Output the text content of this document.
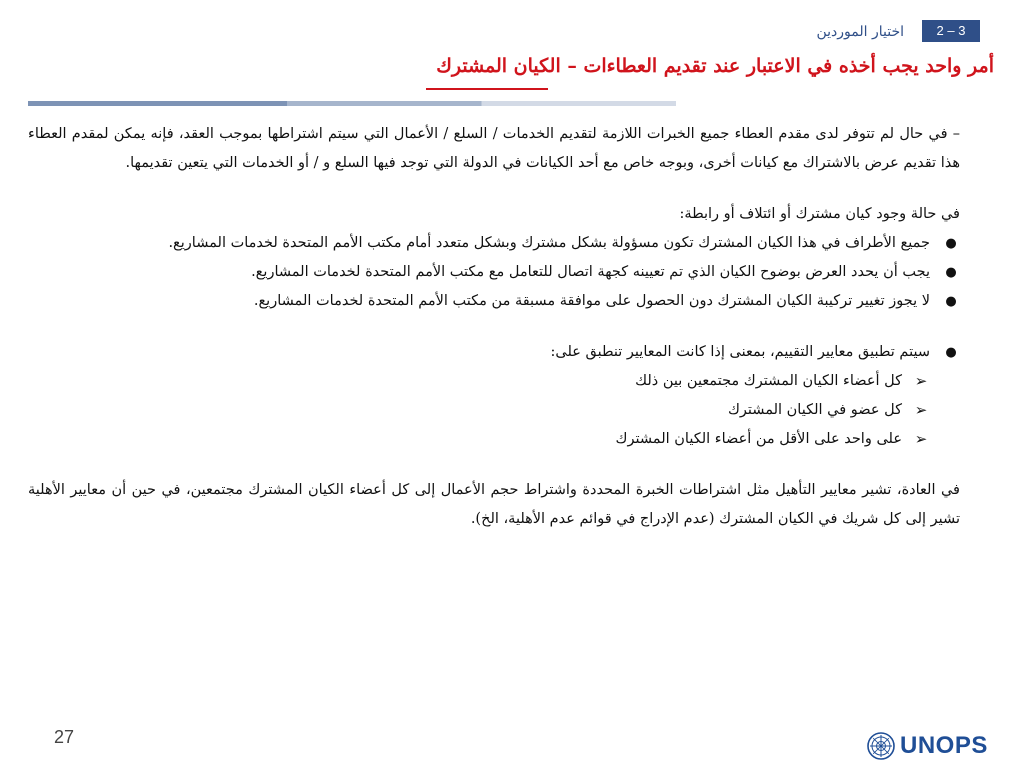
2 – 3
اختيار الموردين
أمر واحد يجب أخذه في الاعتبار عند تقديم العطاءات – الكيان المشترك

– في حال لم تتوفر لدى مقدم العطاء جميع الخبرات اللازمة لتقديم الخدمات / السلع / الأعمال التي سيتم اشتراطها بموجب العقد، فإنه يمكن لمقدم العطاء هذا تقديم عرض بالاشتراك مع كيانات أخرى، وبوجه خاص مع أحد الكيانات في الدولة التي توجد فيها السلع و / أو الخدمات التي يتعين تقديمها.

في حالة وجود كيان مشترك أو ائتلاف أو رابطة:

●
جميع الأطراف في هذا الكيان المشترك تكون مسؤولة بشكل مشترك وبشكل متعدد أمام مكتب الأمم المتحدة لخدمات المشاريع.
●
يجب أن يحدد العرض بوضوح الكيان الذي تم تعيينه كجهة اتصال للتعامل مع مكتب الأمم المتحدة لخدمات المشاريع.
●
لا يجوز تغيير تركيبة الكيان المشترك دون الحصول على موافقة مسبقة من مكتب الأمم المتحدة لخدمات المشاريع.
●
سيتم تطبيق معايير التقييم، بمعنى إذا كانت المعايير تنطبق على:
➢
كل أعضاء الكيان المشترك مجتمعين بين ذلك
➢
كل عضو في الكيان المشترك
➢
على واحد على الأقل من أعضاء الكيان المشترك

في العادة، تشير معايير التأهيل مثل اشتراطات الخبرة المحددة واشتراط حجم الأعمال إلى كل أعضاء الكيان المشترك مجتمعين، في حين أن معايير الأهلية تشير إلى كل شريك في الكيان المشترك (عدم الإدراج في قوائم عدم الأهلية، الخ).

27	UNOPS
